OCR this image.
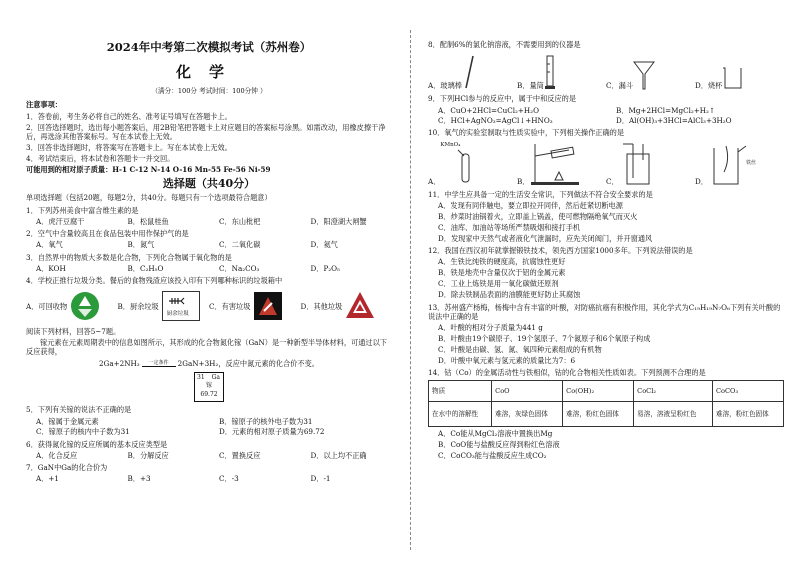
2024年中考第二次模拟考试（苏州卷）
化学
（满分：100分 考试时间：100分钟 ）
注意事项：
1．答卷前，考生务必将自己的姓名、准考证号填写在答题卡上。
2．回答选择题时，选出每小题答案后，用2B铅笔把答题卡上对应题目的答案标号涂黑。如需改动，用橡皮擦干净后，再选涂其他答案标号。写在本试卷上无效。
3．回答非选择题时，将答案写在答题卡上。写在本试卷上无效。
4．考试结束后，将本试卷和答题卡一并交回。
可能用到的相对原子质量：H-1 C-12 N-14 O-16 Mn-55 Fe-56 Ni-59
选择题（共40分）
单项选择题（包括20题，每题2分，共40分。每题只有一个选项最符合题意）
1．下列苏州美食中富含维生素的是
A．虎汗豆腐干	B．松鼠桂鱼	C．东山枇杷	D．阳澄湖大闸蟹
2．空气中含量较高且在食品包装中用作保护气的是
A．氧气	B．氮气	C．二氧化碳	D．氦气
3．自然界中的物质大多数是化合物，下列化合物属于氧化物的是
A．KOH	B．C₂H₅O	C．Na₂CO₃	D．P₂O₅
4．学校正推行垃圾分类。餐后的食物残渣应该投入印有下列哪种标识的垃圾箱中
A．可回收物	B．厨余垃圾
厨余垃圾
C．有害垃圾	D．其他垃圾
阅读下列材料，回答5~7题。
镓元素在元素周期表中的信息如图所示，其形成的化合物氮化镓（GaN）是一种新型半导体材料，可通过以下反应获得，
2Ga+2NH₃ 一定条件 2GaN+3H₂ ，反应中氮元素的化合价不变。
31 Ga
镓
69.72
5．下列有关镓的说法不正确的是
A．镓属于金属元素	B．镓原子的核外电子数为31
C．镓原子的核内中子数为31	D．元素的相对原子质量为69.72
6．获得氮化镓的反应所属的基本反应类型是
A．化合反应	B．分解反应	C．置换反应	D．以上均不正确
7．GaN中Ga的化合价为
A．+1	B．+3	C．-3	D．-1
8．配制6%的氯化钠溶液，不需要用到的仪器是
A．玻璃棒	B．量筒	C．漏斗	D．烧杯
9．下列HCl参与的反应中，属于中和反应的是
A．CuO+2HCl=CuCl₂+H₂O	B．Mg+2HCl=MgCl₂+H₂↑
C．HCl+AgNO₃=AgCl↓+HNO₃	D．Al(OH)₃+3HCl=AlCl₃+3H₂O
10．氧气的实验室制取与性质实验中，下列相关操作正确的是
A．
KMnO₄
B．	C．	D．
铁丝
11．中学生应具备一定的生活安全常识，下列做法不符合安全要求的是
A．发现有同伴触电，要立即拉开同伴，然后赶紧切断电源
B．炒菜时油锅着火，立即盖上锅盖，使可燃物隔绝氧气而灭火
C．油库、加油站等场所严禁吸烟和接打手机
D．发现家中天然气或者液化气泄漏时，应先关闭阀门，并开窗通风
12．我国在西汉初年就掌握锻铁技术，领先西方国家1000多年。下列说法错误的是
A．生铁比纯铁的硬度高，抗腐蚀性更好
B．铁是地壳中含量仅次于铝的金属元素
C．工业上炼铁是用一氧化碳做还原剂
D．除去铁制品表面的油膜能更好防止其腐蚀
13．苏州盛产杨梅，杨梅中含有丰富的叶酸，对防癌抗癌有积极作用，其化学式为C₁₉H₁₉N₇O₆下列有关叶酸的说法中正确的是
A．叶酸的相对分子质量为441 g
B．叶酸由19个碳原子、19个氢原子、7个氮原子和6个氧原子构成
C．叶酸是由碳、氢、氮、氧四种元素组成的有机物
D．叶酸中氧元素与氢元素的质量比为7：6
14．钴（Co）的金属活动性与铁相似，钴的化合物相关性质如表。下列预测不合理的是
物质	CoO	Co(OH)₂	CoCl₂	CoCO₃
在水中的溶解性	难溶，灰绿色固体	难溶，粉红色固体	易溶，溶液呈粉红色	难溶，粉红色固体
A．Co能从MgCl₂溶液中置换出Mg
B．CoO能与盐酸反应得到粉红色溶液
C．CoCO₃能与盐酸反应生成CO₂
